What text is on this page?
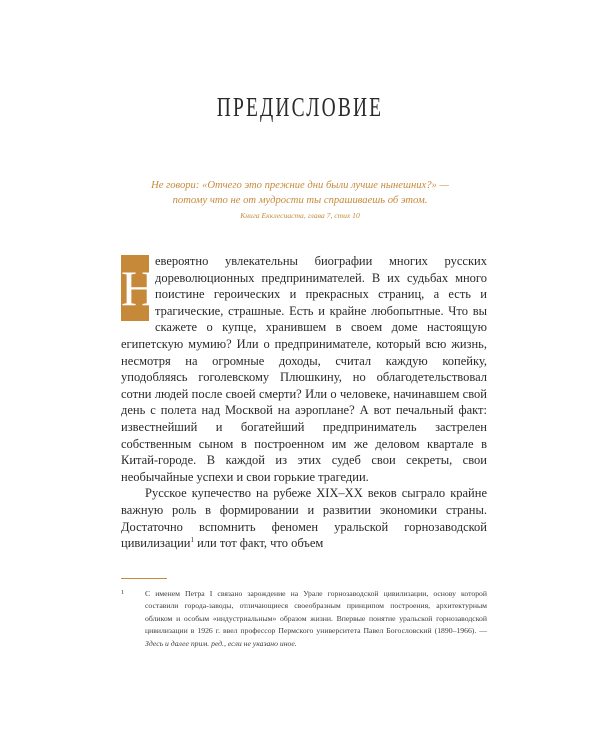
ПРЕДИСЛОВИЕ
Не говори: «Отчего это прежние дни были лучше нынешних?» — потому что не от мудрости ты спрашиваешь об этом.
Книга Екклесиаста, глава 7, стих 10

Н
евероятно увлекательны биографии многих русских дореволюционных предпринимателей. В их судьбах много поистине героических и прекрасных страниц, а есть и трагические, страшные. Есть и крайне любопытные. Что вы скажете о купце, хранившем в своем доме настоящую египетскую мумию? Или о предпринимателе, который всю жизнь, несмотря на огромные доходы, считал каждую копейку, уподобляясь гоголевскому Плюшкину, но облагодетельствовал сотни людей после своей смерти? Или о человеке, начинавшем свой день с полета над Москвой на аэроплане? А вот печальный факт: известнейший и богатейший предприниматель застрелен собственным сыном в построенном им же деловом квартале в Китай-городе. В каждой из этих судеб свои секреты, свои необычайные успехи и свои горькие трагедии.

Русское купечество на рубеже XIX–XX веков сыграло крайне важную роль в формировании и развитии экономики страны. Достаточно вспомнить феномен уральской горнозаводской цивилизации$^1$ или тот факт, что объем

1	С именем Петра I связано зарождение на Урале горнозаводской цивилизации, основу которой составили города-заводы, отличающиеся своеобразным принципом построения, архитектурным обликом и особым «индустриальным» образом жизни. Впервые понятие уральской горнозаводской цивилизации в 1926 г. ввел профессор Пермского университета Павел Богословский (1890–1966). — Здесь и далее прим. ред., если не указано иное.
